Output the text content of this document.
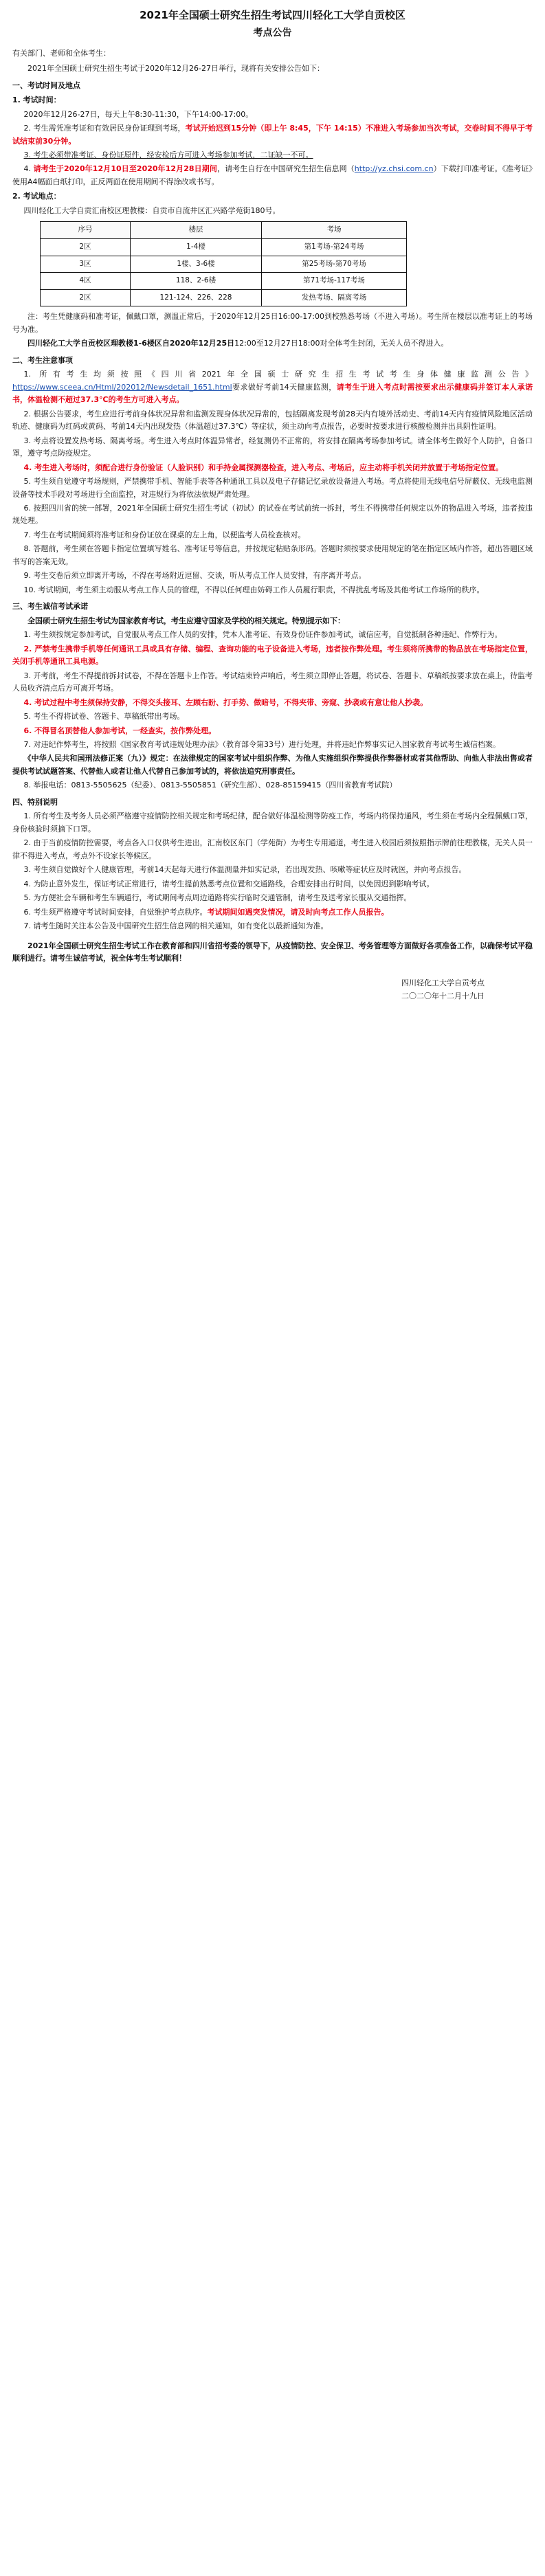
2021年全国硕士研究生招生考试四川轻化工大学自贡校区
考点公告

有关部门、老师和全体考生：

2021年全国硕士研究生招生考试于2020年12月26-27日举行，现将有关安排公告如下：

一、考试时间及地点

1. 考试时间：

2020年12月26-27日，每天上午8:30-11:30，下午14:00-17:00。

2. 考生需凭准考证和有效居民身份证理到考场，考试开始迟到15分钟（即上午 8:45，下午 14:15）不准进入考场参加当次考试，交卷时间不得早于考试结束前30分钟。

3. 考生必须带准考证、身份证原件，经安检后方可进入考场参加考试，二证缺一不可。

4. 请考生于2020年12月10日至2020年12月28日期间，请考生自行在中国研究生招生信息网（http://yz.chsi.com.cn）下载打印准考证。《准考证》使用A4幅面白纸打印，正反两面在使用期间不得涂改或书写。

2. 考试地点：

四川轻化工大学自贡汇南校区理教楼：自贡市自流井区汇兴路学苑街180号。

序号	楼层	考场
2区	1-4楼	第1考场-第24考场
3区	1楼、3-6楼	第25考场-第70考场
4区	118、2-6楼	第71考场-117考场
2区	121-124、226、228	发热考场、隔离考场

注：考生凭健康码和准考证，佩戴口罩，测温正常后，于2020年12月25日16:00-17:00到校熟悉考场（不进入考场）。考生所在楼层以准考证上的考场号为准。

四川轻化工大学自贡校区理教楼1-6楼区自2020年12月25日12:00至12月27日18:00对全体考生封闭，无关人员不得进入。

二、考生注意事项

1. 所有考生均须按照《四川省2021年全国硕士研究生招生考试考生身体健康监测公告》https://www.sceea.cn/Html/202012/Newsdetail_1651.html要求做好考前14天健康监测，请考生于进入考点时需按要求出示健康码并签订本人承诺书，体温检测不超过37.3℃的考生方可进入考点。

2. 根据公告要求，考生应进行考前身体状况异常和监测发现身体状况异常的，包括隔离发现考前28天内有境外活动史、考前14天内有疫情风险地区活动轨迹、健康码为红码或黄码、考前14天内出现发热（体温超过37.3℃）等症状，须主动向考点报告，必要时按要求进行核酸检测并出具阴性证明。

3. 考点将设置发热考场、隔离考场。考生进入考点时体温异常者，经复测仍不正常的，将安排在隔离考场参加考试。请全体考生做好个人防护，自备口罩，遵守考点防疫规定。

4. 考生进入考场时，须配合进行身份验证（人脸识别）和手持金属探测器检查，进入考点、考场后，应主动将手机关闭并放置于考场指定位置。

5. 考生须自觉遵守考场规则，严禁携带手机、智能手表等各种通讯工具以及电子存储记忆录放设备进入考场。考点将使用无线电信号屏蔽仪、无线电监测设备等技术手段对考场进行全面监控，对违规行为将依法依规严肃处理。

6. 按照四川省的统一部署，2021年全国硕士研究生招生考试（初试）的试卷在考试前统一拆封，考生不得携带任何规定以外的物品进入考场，违者按违规处理。

7. 考生在考试期间须将准考证和身份证放在课桌的左上角，以便监考人员检查核对。

8. 答题前，考生须在答题卡指定位置填写姓名、准考证号等信息，并按规定粘贴条形码。答题时须按要求使用规定的笔在指定区域内作答，超出答题区域书写的答案无效。

9. 考生交卷后须立即离开考场，不得在考场附近逗留、交谈，听从考点工作人员安排，有序离开考点。

10. 考试期间，考生须主动服从考点工作人员的管理，不得以任何理由妨碍工作人员履行职责，不得扰乱考场及其他考试工作场所的秩序。

三、考生诚信考试承诺

全国硕士研究生招生考试为国家教育考试，考生应遵守国家及学校的相关规定。特别提示如下：

1. 考生须按规定参加考试，自觉服从考点工作人员的安排，凭本人准考证、有效身份证件参加考试，诚信应考，自觉抵制各种违纪、作弊行为。

2. 严禁考生携带手机等任何通讯工具或具有存储、编程、查询功能的电子设备进入考场，违者按作弊处理。考生须将所携带的物品放在考场指定位置，关闭手机等通讯工具电源。

3. 开考前，考生不得提前拆封试卷，不得在答题卡上作答。考试结束铃声响后，考生须立即停止答题，将试卷、答题卡、草稿纸按要求放在桌上，待监考人员收齐清点后方可离开考场。

4. 考试过程中考生须保持安静，不得交头接耳、左顾右盼、打手势、做暗号，不得夹带、旁窥、抄袭或有意让他人抄袭。

5. 考生不得将试卷、答题卡、草稿纸带出考场。

6. 不得冒名顶替他人参加考试，一经查实，按作弊处理。

7. 对违纪作弊考生，将按照《国家教育考试违规处理办法》（教育部令第33号）进行处理，并将违纪作弊事实记入国家教育考试考生诚信档案。

《中华人民共和国刑法修正案（九）》规定：在法律规定的国家考试中组织作弊、为他人实施组织作弊提供作弊器材或者其他帮助、向他人非法出售或者提供考试试题答案、代替他人或者让他人代替自己参加考试的，将依法追究刑事责任。

8. 举报电话：0813-5505625（纪委）、0813-5505851（研究生部）、028-85159415（四川省教育考试院）

四、特别说明

1. 所有考生及考务人员必须严格遵守疫情防控相关规定和考场纪律，配合做好体温检测等防疫工作，考场内将保持通风，考生须在考场内全程佩戴口罩，身份核验时须摘下口罩。

2. 由于当前疫情防控需要，考点各入口仅供考生进出，汇南校区东门（学苑街）为考生专用通道，考生进入校园后须按照指示牌前往理教楼，无关人员一律不得进入考点，考点外不设家长等候区。

3. 考生须自觉做好个人健康管理，考前14天起每天进行体温测量并如实记录，若出现发热、咳嗽等症状应及时就医，并向考点报告。

4. 为防止意外发生，保证考试正常进行，请考生提前熟悉考点位置和交通路线，合理安排出行时间，以免因迟到影响考试。

5. 为方便社会车辆和考生车辆通行，考试期间考点周边道路将实行临时交通管制，请考生及送考家长服从交通指挥。

6. 考生须严格遵守考试时间安排，自觉维护考点秩序。考试期间如遇突发情况，请及时向考点工作人员报告。

7. 请考生随时关注本公告及中国研究生招生信息网的相关通知，如有变化以最新通知为准。

2021年全国硕士研究生招生考试工作在教育部和四川省招考委的领导下，从疫情防控、安全保卫、考务管理等方面做好各项准备工作，以确保考试平稳顺利进行。请考生诚信考试，祝全体考生考试顺利！

四川轻化工大学自贡考点

二〇二〇年十二月十九日
